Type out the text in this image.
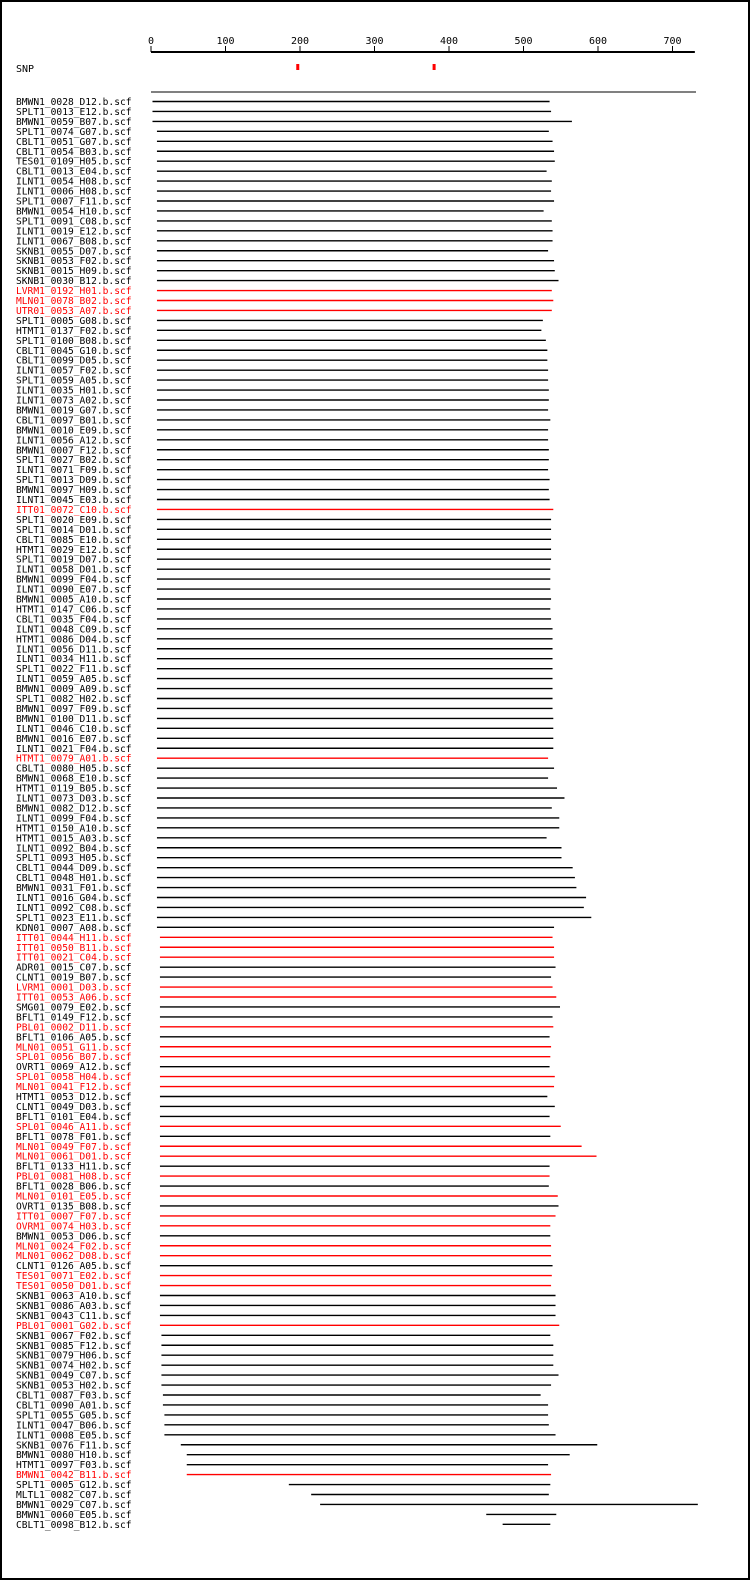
0	100	200	300	400	500	600	700
SNP
BMWN1_0028_D12.b.scf
SPLT1_0013_E12.b.scf
BMWN1_0059_B07.b.scf
SPLT1_0074_G07.b.scf
CBLT1_0051_G07.b.scf
CBLT1_0054_B03.b.scf
TES01_0109_H05.b.scf
CBLT1_0013_E04.b.scf
ILNT1_0054_H08.b.scf
ILNT1_0006_H08.b.scf
SPLT1_0007_F11.b.scf
BMWN1_0054_H10.b.scf
SPLT1_0091_C08.b.scf
ILNT1_0019_E12.b.scf
ILNT1_0067_B08.b.scf
SKNB1_0055_D07.b.scf
SKNB1_0053_F02.b.scf
SKNB1_0015_H09.b.scf
SKNB1_0030_B12.b.scf
LVRM1_0192_H01.b.scf
MLN01_0078_B02.b.scf
UTR01_0053_A07.b.scf
SPLT1_0005_G08.b.scf
HTMT1_0137_F02.b.scf
SPLT1_0100_B08.b.scf
CBLT1_0045_G10.b.scf
CBLT1_0099_D05.b.scf
ILNT1_0057_F02.b.scf
SPLT1_0059_A05.b.scf
ILNT1_0035_H01.b.scf
ILNT1_0073_A02.b.scf
BMWN1_0019_G07.b.scf
CBLT1_0097_B01.b.scf
BMWN1_0010_E09.b.scf
ILNT1_0056_A12.b.scf
BMWN1_0007_F12.b.scf
SPLT1_0027_B02.b.scf
ILNT1_0071_F09.b.scf
SPLT1_0013_D09.b.scf
BMWN1_0097_H09.b.scf
ILNT1_0045_E03.b.scf
ITT01_0072_C10.b.scf
SPLT1_0020_E09.b.scf
SPLT1_0014_D01.b.scf
CBLT1_0085_E10.b.scf
HTMT1_0029_E12.b.scf
SPLT1_0019_D07.b.scf
ILNT1_0058_D01.b.scf
BMWN1_0099_F04.b.scf
ILNT1_0090_E07.b.scf
BMWN1_0005_A10.b.scf
HTMT1_0147_C06.b.scf
CBLT1_0035_F04.b.scf
ILNT1_0048_C09.b.scf
HTMT1_0086_D04.b.scf
ILNT1_0056_D11.b.scf
ILNT1_0034_H11.b.scf
SPLT1_0022_F11.b.scf
ILNT1_0059_A05.b.scf
BMWN1_0009_A09.b.scf
SPLT1_0082_H02.b.scf
BMWN1_0097_F09.b.scf
BMWN1_0100_D11.b.scf
ILNT1_0046_C10.b.scf
BMWN1_0016_E07.b.scf
ILNT1_0021_F04.b.scf
HTMT1_0079_A01.b.scf
CBLT1_0080_H05.b.scf
BMWN1_0068_E10.b.scf
HTMT1_0119_B05.b.scf
ILNT1_0073_D03.b.scf
BMWN1_0082_D12.b.scf
ILNT1_0099_F04.b.scf
HTMT1_0150_A10.b.scf
HTMT1_0015_A03.b.scf
ILNT1_0092_B04.b.scf
SPLT1_0093_H05.b.scf
CBLT1_0044_D09.b.scf
CBLT1_0048_H01.b.scf
BMWN1_0031_F01.b.scf
ILNT1_0016_G04.b.scf
ILNT1_0092_C08.b.scf
SPLT1_0023_E11.b.scf
KDN01_0007_A08.b.scf
ITT01_0044_H11.b.scf
ITT01_0050_B11.b.scf
ITT01_0021_C04.b.scf
ADR01_0015_C07.b.scf
CLNT1_0019_B07.b.scf
LVRM1_0001_D03.b.scf
ITT01_0053_A06.b.scf
SMG01_0079_E02.b.scf
BFLT1_0149_F12.b.scf
PBL01_0002_D11.b.scf
BFLT1_0106_A05.b.scf
MLN01_0051_G11.b.scf
SPL01_0056_B07.b.scf
OVRT1_0069_A12.b.scf
SPL01_0058_H04.b.scf
MLN01_0041_F12.b.scf
HTMT1_0053_D12.b.scf
CLNT1_0049_D03.b.scf
BFLT1_0101_E04.b.scf
SPL01_0046_A11.b.scf
BFLT1_0078_F01.b.scf
MLN01_0049_F07.b.scf
MLN01_0061_D01.b.scf
BFLT1_0133_H11.b.scf
PBL01_0081_H08.b.scf
BFLT1_0028_B06.b.scf
MLN01_0101_E05.b.scf
OVRT1_0135_B08.b.scf
ITT01_0007_F07.b.scf
OVRM1_0074_H03.b.scf
BMWN1_0053_D06.b.scf
MLN01_0024_F02.b.scf
MLN01_0062_D08.b.scf
CLNT1_0126_A05.b.scf
TES01_0071_E02.b.scf
TES01_0050_D01.b.scf
SKNB1_0063_A10.b.scf
SKNB1_0086_A03.b.scf
SKNB1_0043_C11.b.scf
PBL01_0001_G02.b.scf
SKNB1_0067_F02.b.scf
SKNB1_0085_F12.b.scf
SKNB1_0079_H06.b.scf
SKNB1_0074_H02.b.scf
SKNB1_0049_C07.b.scf
SKNB1_0053_H02.b.scf
CBLT1_0087_F03.b.scf
CBLT1_0090_A01.b.scf
SPLT1_0055_G05.b.scf
ILNT1_0047_B06.b.scf
ILNT1_0008_E05.b.scf
SKNB1_0076_F11.b.scf
BMWN1_0080_H10.b.scf
HTMT1_0097_F03.b.scf
BMWN1_0042_B11.b.scf
SPLT1_0005_G12.b.scf
MLTL1_0082_C07.b.scf
BMWN1_0029_C07.b.scf
BMWN1_0060_E05.b.scf
CBLT1_0098_B12.b.scf
